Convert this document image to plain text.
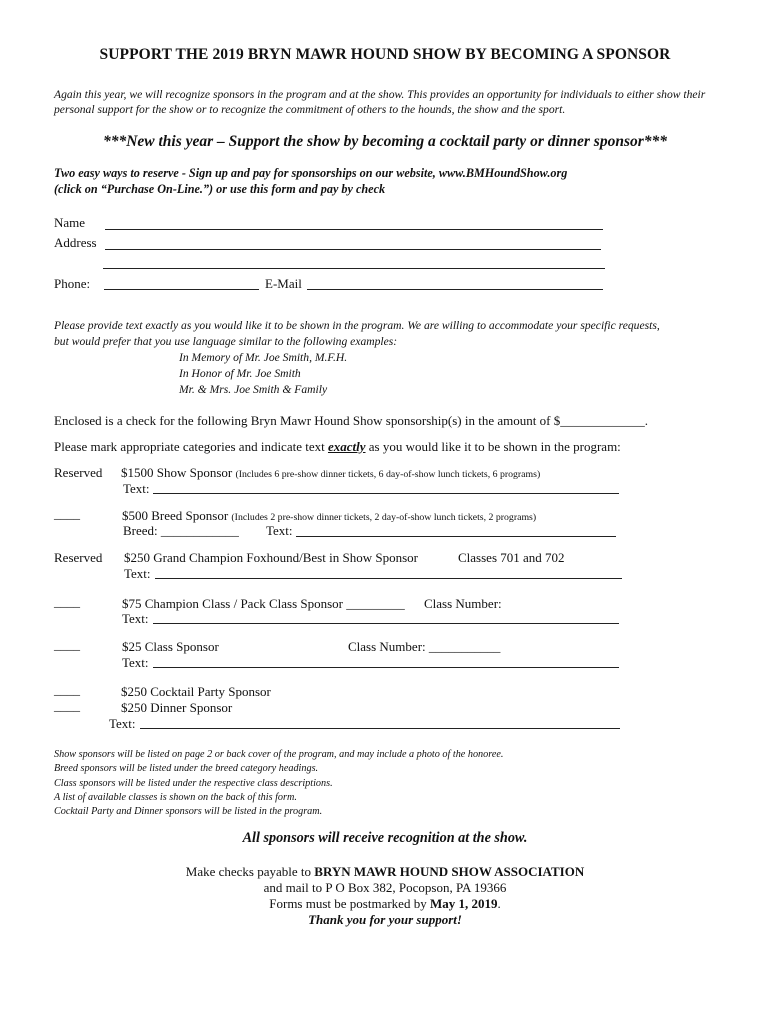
SUPPORT THE 2019 BRYN MAWR HOUND SHOW BY BECOMING A SPONSOR
Again this year, we will recognize sponsors in the program and at the show. This provides an opportunity for individuals to either show their personal support for the show or to recognize the commitment of others to the hounds, the show and the sport.
***New this year – Support the show by becoming a cocktail party or dinner sponsor***
Two easy ways to reserve - Sign up and pay for sponsorships on our website, www.BMHoundShow.org
(click on “Purchase On-Line.”) or use this form and pay by check
Name
Address
Phone:	E-Mail
Please provide text exactly as you would like it to be shown in the program. We are willing to accommodate your specific requests,
but would prefer that you use language similar to the following examples:
In Memory of Mr. Joe Smith, M.F.H.
In Honor of Mr. Joe Smith
Mr. & Mrs. Joe Smith & Family
Enclosed is a check for the following Bryn Mawr Hound Show sponsorship(s) in the amount of $_____________.
Please mark appropriate categories and indicate text exactly as you would like it to be shown in the program:
Reserved $1500 Show Sponsor (Includes 6 pre-show dinner tickets, 6 day-of-show lunch tickets, 6 programs)
Text:
____	$500 Breed Sponsor (Includes 2 pre-show dinner tickets, 2 day-of-show lunch tickets, 2 programs)
Breed: ____________ Text:
Reserved $250 Grand Champion Foxhound/Best in Show Sponsor	Classes 701 and 702
Text:
____	$75 Champion Class / Pack Class Sponsor _________ Class Number:
Text:
____	$25 Class Sponsor	Class Number: ___________
Text:
____	$250 Cocktail Party Sponsor
____	$250 Dinner Sponsor
Text:
Show sponsors will be listed on page 2 or back cover of the program, and may include a photo of the honoree.
Breed sponsors will be listed under the breed category headings.
Class sponsors will be listed under the respective class descriptions.
A list of available classes is shown on the back of this form.
Cocktail Party and Dinner sponsors will be listed in the program.
All sponsors will receive recognition at the show.
Make checks payable to BRYN MAWR HOUND SHOW ASSOCIATION
and mail to P O Box 382, Pocopson, PA 19366
Forms must be postmarked by May 1, 2019.
Thank you for your support!
